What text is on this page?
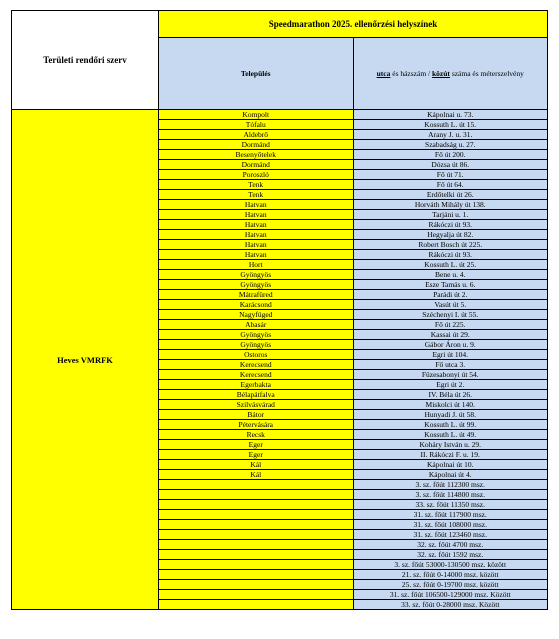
Területi rendőri szerv	Speedmarathon 2025. ellenőrzési helyszínek	
	Település	utca és házszám / közút száma és méterszelvény
Heves VMRFK	Kompolt	Kápolnai u. 73.
	Tófalu	Kossuth L. út 15.
	Aldebrő	Arany J. u. 31.
	Dormánd	Szabadság u. 27.
	Besenyőtelek	Fő út 200.
	Dormánd	Dózsa út 86.
	Poroszló	Fő út 71.
	Tenk	Fő út 64.
	Tenk	Erdőtelki út 26.
	Hatvan	Horváth Mihály út 138.
	Hatvan	Tarjáni u. 1.
	Hatvan	Rákóczi út 93.
	Hatvan	Hegyalja út 82.
	Hatvan	Robert Bosch út 225.
	Hatvan	Rákóczi út 93.
	Hort	Kossuth L. út 25.
	Gyöngyös	Bene u. 4.
	Gyöngyös	Esze Tamás u. 6.
	Mátrafüred	Parádi út 2.
	Karácsond	Vasút út 5.
	Nagyfüged	Széchenyi I. út 55.
	Abasár	Fő út 225.
	Gyöngyös	Kassai út 29.
	Gyöngyös	Gábor Áron u. 9.
	Ostoros	Egri út 104.
	Kerecsend	Fő utca 3.
	Kerecsend	Füzesabonyi út 54.
	Egerbakta	Egri út 2.
	Bélapátfalva	IV. Béla út 26.
	Szilvásvárad	Miskolci út 140.
	Bátor	Hunyadi J. út 58.
	Pétervására	Kossuth L. út 99.
	Recsk	Kossuth L. út 49.
	Eger	Koháry István u. 29.
	Eger	II. Rákóczi F. u. 19.
	Kál	Kápolnai út 10.
	Kál	Kápolnai út 4.
		3. sz. főút 112300 msz.
		3. sz. főút 114800 msz.
		33. sz. főút 11350 msz.
		31. sz. főút 117900 msz.
		31. sz. főút 108000 msz.
		31. sz. főút 123460 msz.
		32. sz. főút 4700 msz.
		32. sz. főút 1592 msz.
		3. sz. főút 53000-130500 msz. között
		21. sz. főút 0-14000 msz. között
		25. sz. főút 0-19700 msz. között
		31. sz. főút 106500-129000 msz. Között
		33. sz. főút 0-28000 msz. Között
